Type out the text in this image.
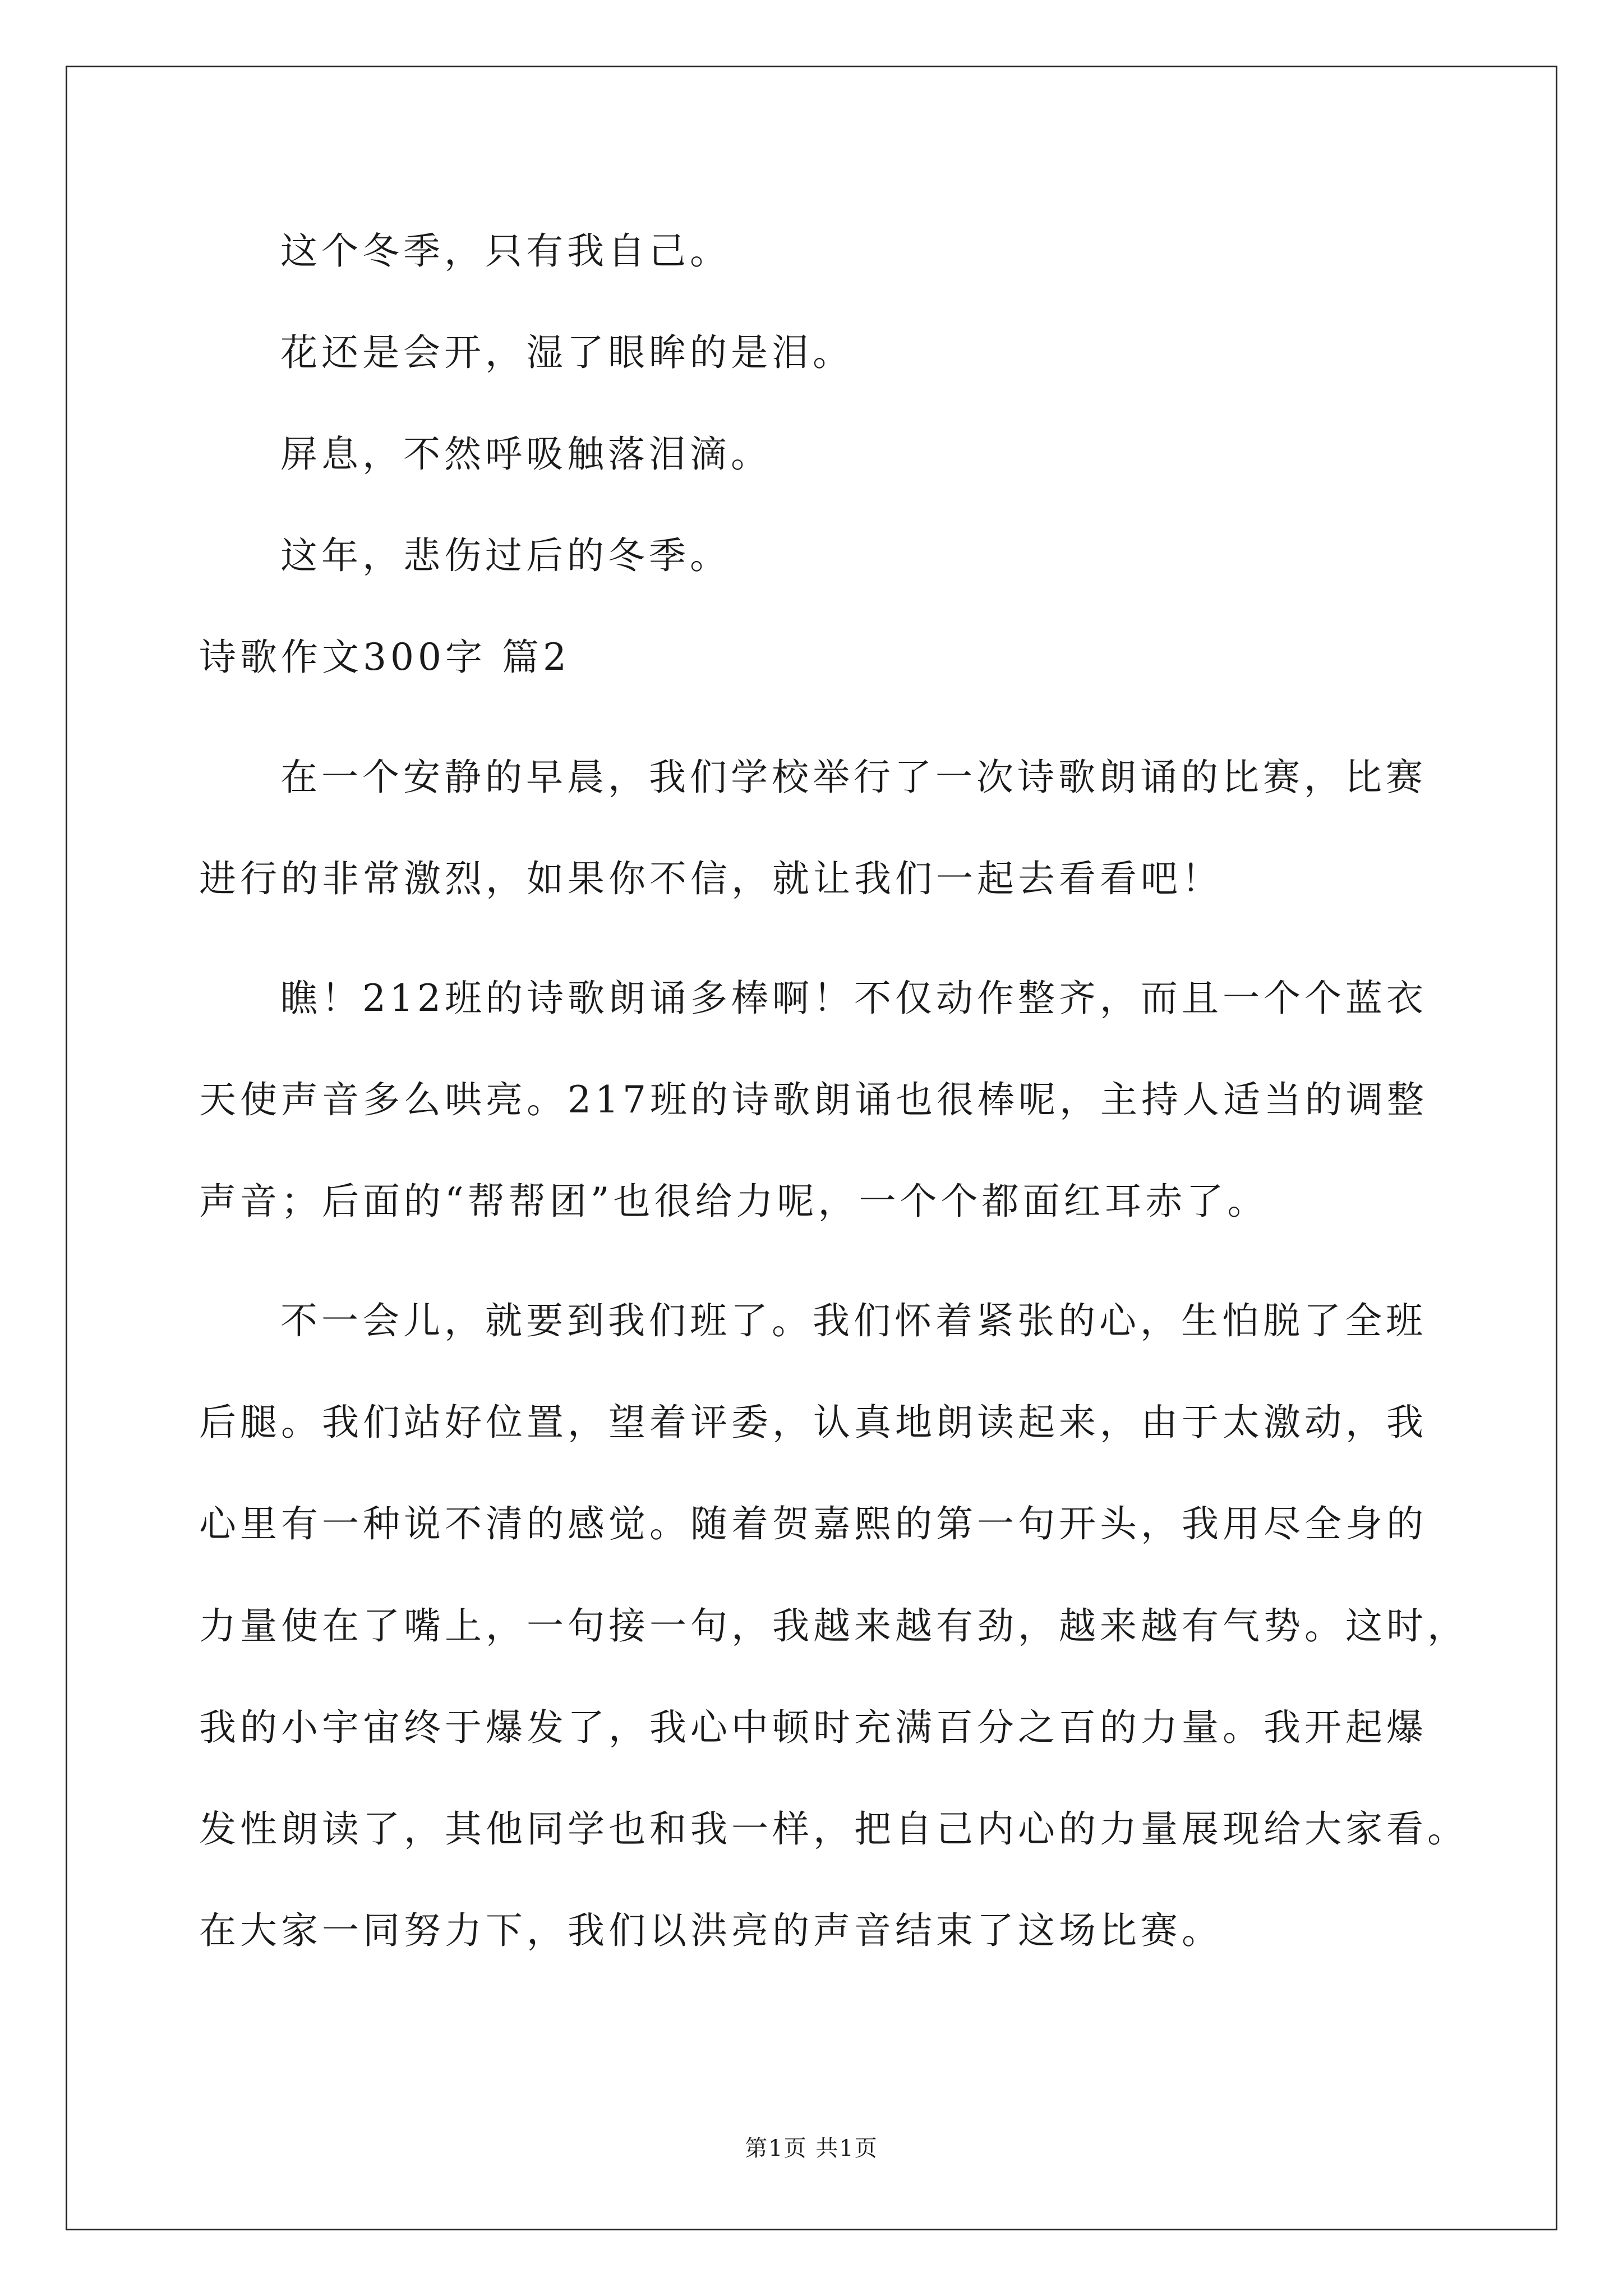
这个冬季，只有我自己。
花还是会开，湿了眼眸的是泪。
屏息，不然呼吸触落泪滴。
这年，悲伤过后的冬季。
诗歌作文300字 篇2
在一个安静的早晨，我们学校举行了一次诗歌朗诵的比赛，比赛
进行的非常激烈，如果你不信，就让我们一起去看看吧！
瞧！212班的诗歌朗诵多棒啊！不仅动作整齐，而且一个个蓝衣
天使声音多么哄亮。217班的诗歌朗诵也很棒呢，主持人适当的调整
声音；后面的“帮帮团”也很给力呢，一个个都面红耳赤了。
不一会儿，就要到我们班了。我们怀着紧张的心，生怕脱了全班
后腿。我们站好位置，望着评委，认真地朗读起来，由于太激动，我
心里有一种说不清的感觉。随着贺嘉熙的第一句开头，我用尽全身的
力量使在了嘴上，一句接一句，我越来越有劲，越来越有气势。这时，
我的小宇宙终于爆发了，我心中顿时充满百分之百的力量。我开起爆
发性朗读了，其他同学也和我一样，把自己内心的力量展现给大家看。
在大家一同努力下，我们以洪亮的声音结束了这场比赛。
第1页 共1页
